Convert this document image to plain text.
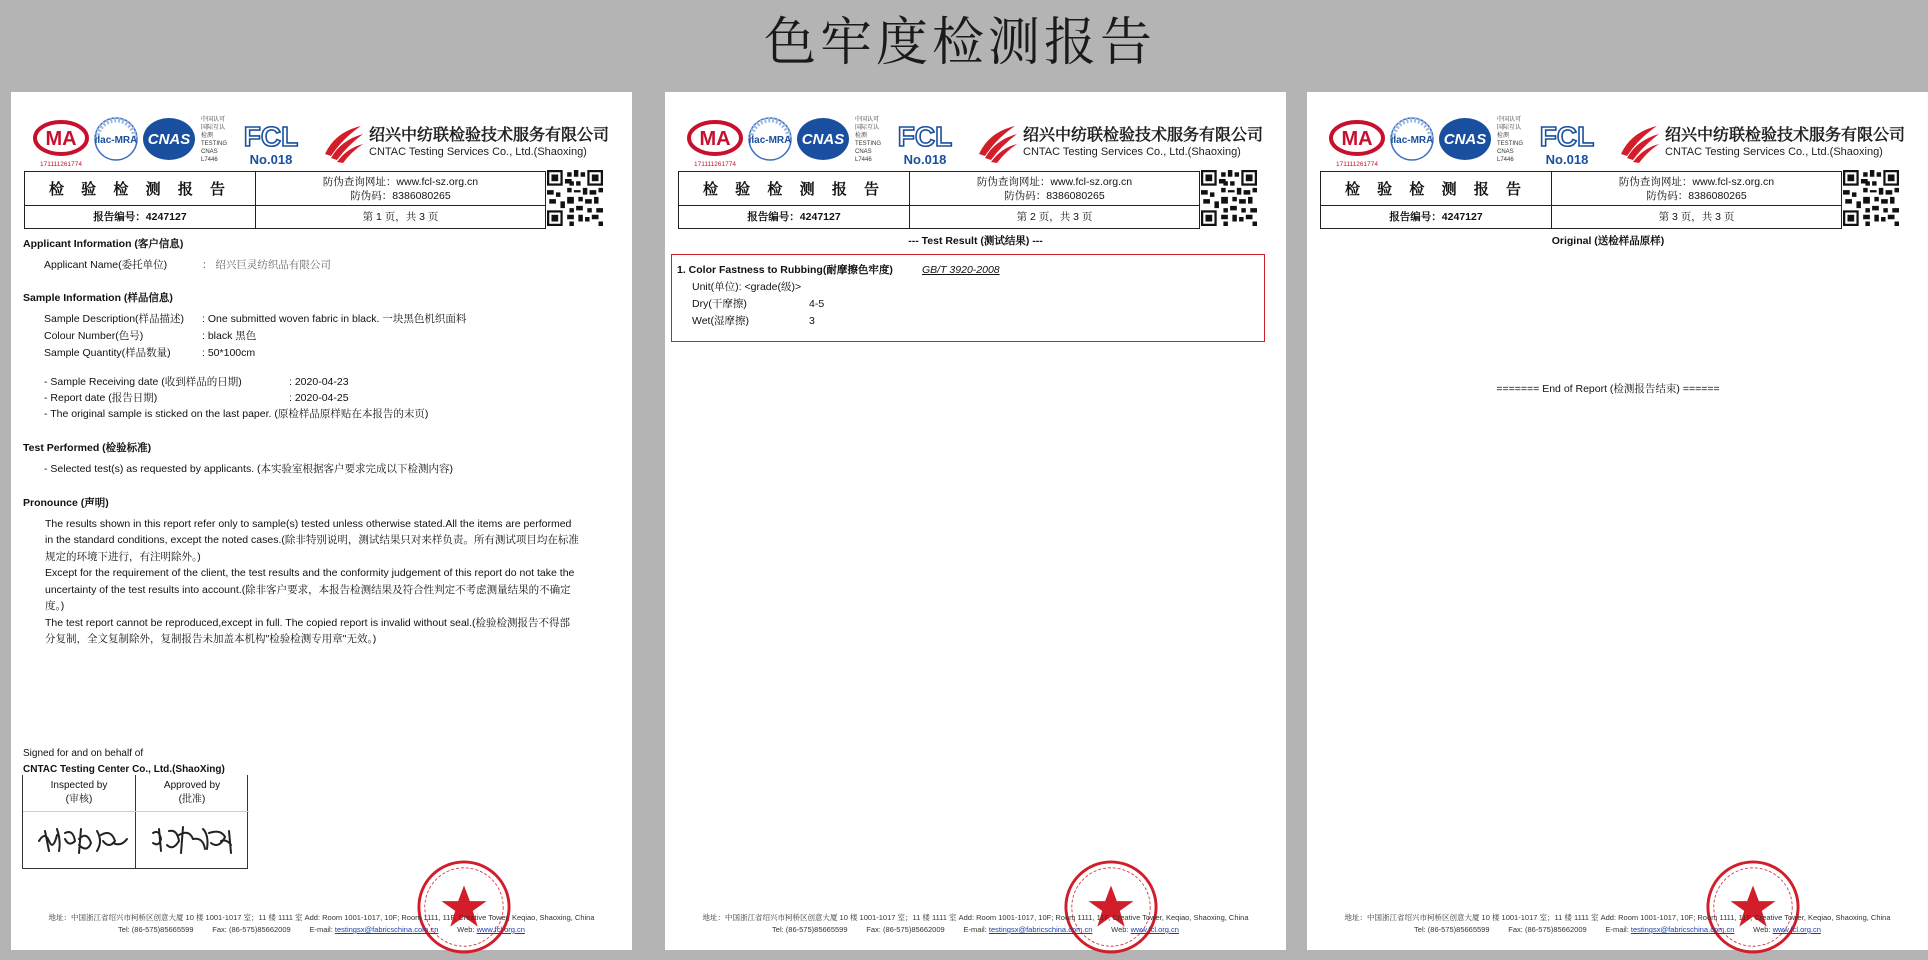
色牢度检测报告
MA
171111261774
ilac-MRA CNAS
中国认可
国际互认
检测
TESTING
CNAS L7446
FCL
No.018
绍兴中纺联检验技术服务有限公司
CNTAC Testing Services Co., Ltd.(Shaoxing)
检 验 检 测 报 告	防伪查询网址：www.fcl-sz.org.cn
防伪码：8386080265
报告编号：4247127	第 1 页，共 3 页
Applicant Information (客户信息)
Applicant Name(委托单位)	： 绍兴巨灵纺织品有限公司
Sample Information (样品信息)
Sample Description(样品描述) : One submitted woven fabric in black. 一块黑色机织面料
Colour Number(色号)	: black 黑色
Sample Quantity(样品数量)	: 50*100cm
- Sample Receiving date (收到样品的日期)	: 2020-04-23
- Report date (报告日期)	: 2020-04-25
- The original sample is sticked on the last paper. (原检样品原样贴在本报告的末页)
Test Performed (检验标准)
- Selected test(s) as requested by applicants. (本实验室根据客户要求完成以下检测内容)
Pronounce (声明)
The results shown in this report refer only to sample(s) tested unless otherwise stated.All the items are performed
in the standard conditions, except the noted cases.(除非特别说明，测试结果只对来样负责。所有测试项目均在标准
规定的环境下进行，有注明除外。)
Except for the requirement of the client, the test results and the conformity judgement of this report do not take the
uncertainty of the test results into account.(除非客户要求，本报告检测结果及符合性判定不考虑测量结果的不确定
度。)
The test report cannot be reproduced,except in full. The copied report is invalid without seal.(检验检测报告不得部
分复制，全文复制除外，复制报告未加盖本机构"检验检测专用章"无效。)
Signed for and on behalf of
CNTAC Testing Center Co., Ltd.(ShaoXing)
Inspected by
(审核)
Approved by
(批准)
地址：中国浙江省绍兴市柯桥区创意大厦 10 楼 1001-1017 室；11 楼 1111 室 Add: Room 1001-1017, 10F; Room 1111, 11F, Creative Tower, Keqiao, Shaoxing, China
Tel: (86-575)85665599	Fax: (86-575)85662009	E-mail: testingsx@fabricschina.com.cn	Web: www.fcl.org.cn
MA
171111261774
ilac-MRA CNAS
中国认可
国际互认
检测
TESTING
CNAS L7446
FCL
No.018
绍兴中纺联检验技术服务有限公司
CNTAC Testing Services Co., Ltd.(Shaoxing)
检 验 检 测 报 告	防伪查询网址：www.fcl-sz.org.cn
防伪码：8386080265
报告编号：4247127	第 2 页，共 3 页
--- Test Result (测试结果) ---
1. Color Fastness to Rubbing(耐摩擦色牢度)	GB/T 3920-2008
Unit(单位): <grade(级)>
Dry(干摩擦)	4-5
Wet(湿摩擦)	3
地址：中国浙江省绍兴市柯桥区创意大厦 10 楼 1001-1017 室；11 楼 1111 室 Add: Room 1001-1017, 10F; Room 1111, 11F, Creative Tower, Keqiao, Shaoxing, China
Tel: (86-575)85665599	Fax: (86-575)85662009	E-mail: testingsx@fabricschina.com.cn	Web: www.fcl.org.cn
MA
171111261774
ilac-MRA CNAS
中国认可
国际互认
检测
TESTING
CNAS L7446
FCL
No.018
绍兴中纺联检验技术服务有限公司
CNTAC Testing Services Co., Ltd.(Shaoxing)
检 验 检 测 报 告	防伪查询网址：www.fcl-sz.org.cn
防伪码：8386080265
报告编号：4247127	第 3 页，共 3 页
Original (送检样品原样)
======= End of Report (检测报告结束) ======
地址：中国浙江省绍兴市柯桥区创意大厦 10 楼 1001-1017 室；11 楼 1111 室 Add: Room 1001-1017, 10F; Room 1111, 11F, Creative Tower, Keqiao, Shaoxing, China
Tel: (86-575)85665599	Fax: (86-575)85662009	E-mail: testingsx@fabricschina.com.cn	Web: www.fcl.org.cn
